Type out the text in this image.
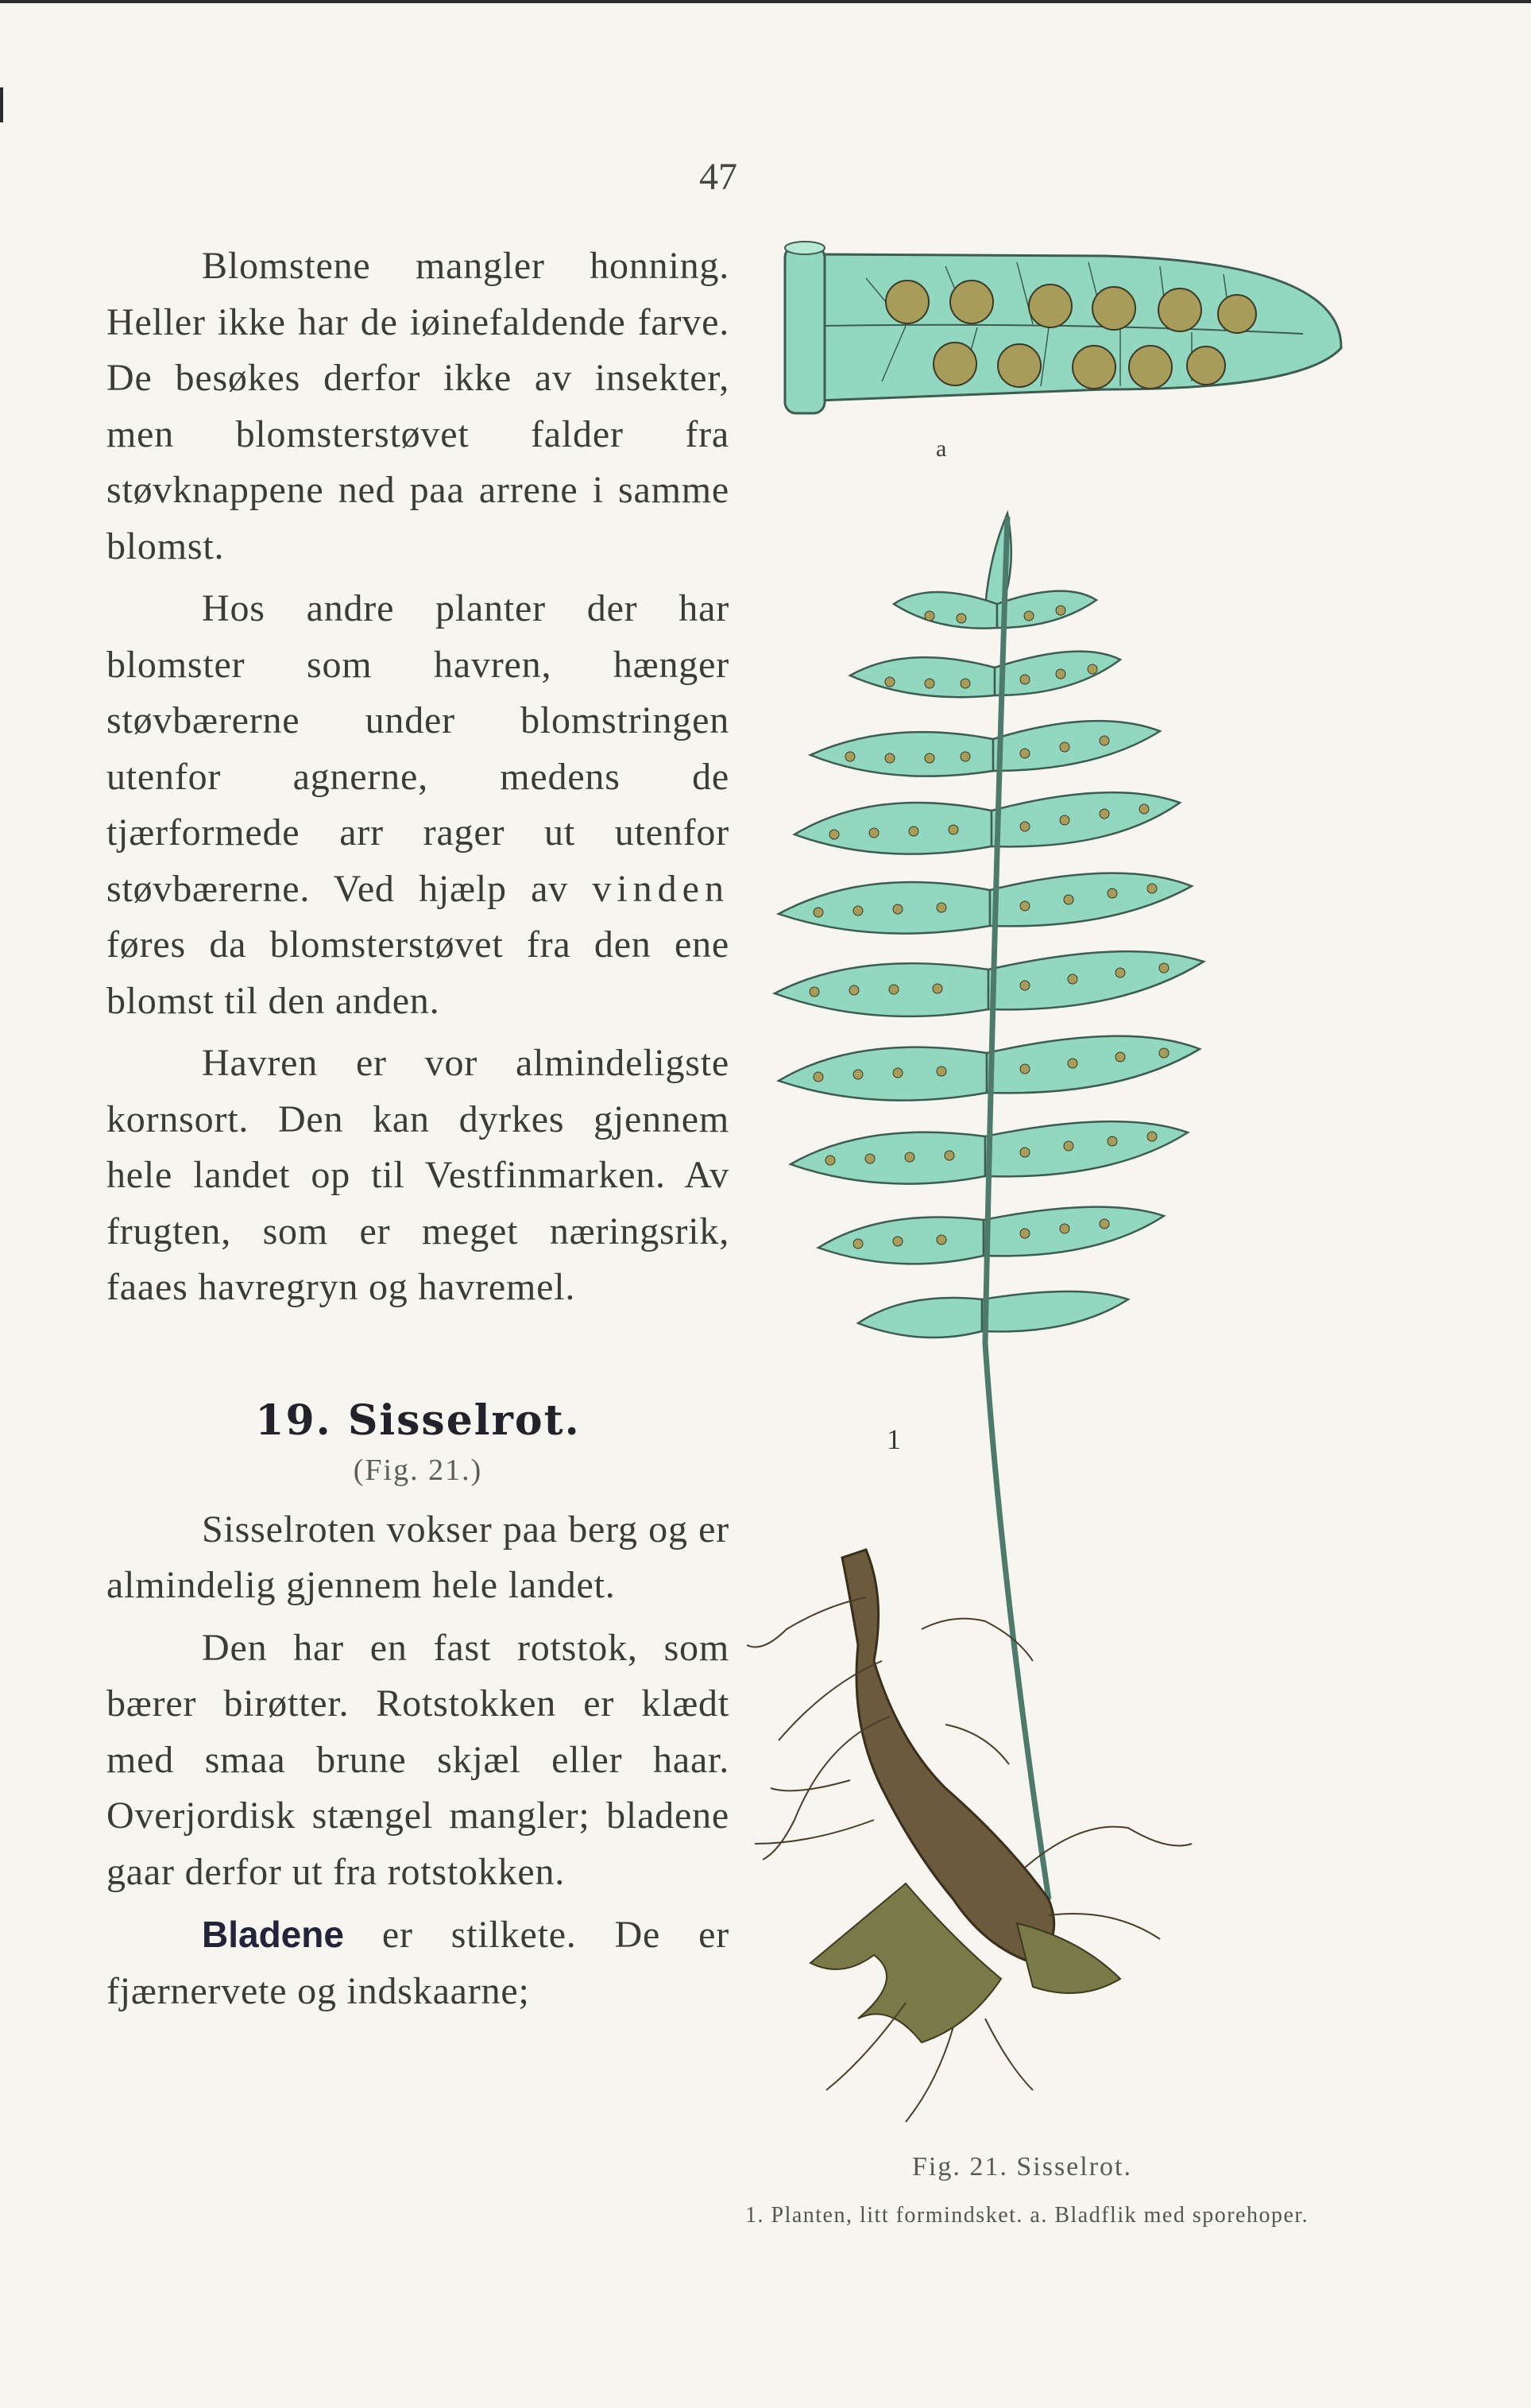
47

Blomstene mangler honning. Heller ikke har de iøinefaldende farve. De besøkes derfor ikke av insekter, men blomsterstøvet falder fra støvknappene ned paa arrene i samme blomst.

Hos andre planter der har blomster som havren, hænger støvbærerne under blomstringen utenfor agnerne, medens de tjærformede arr rager ut utenfor støvbærerne. Ved hjælp av vinden føres da blomsterstøvet fra den ene blomst til den anden.

Havren er vor almindeligste kornsort. Den kan dyrkes gjennem hele landet op til Vestfinmarken. Av frugten, som er meget næringsrik, faaes havregryn og havremel.

19. Sisselrot.
(Fig. 21.)

Sisselroten vokser paa berg og er almindelig gjennem hele landet.

Den har en fast rotstok, som bærer birøtter. Rotstokken er klædt med smaa brune skjæl eller haar. Overjordisk stængel mangler; bladene gaar derfor ut fra rotstokken.

Bladene er stilkete. De er fjærnervete og indskaarne;

a
1
Fig. 21. Sisselrot.
1. Planten, litt formindsket. a. Bladflik med sporehoper.
